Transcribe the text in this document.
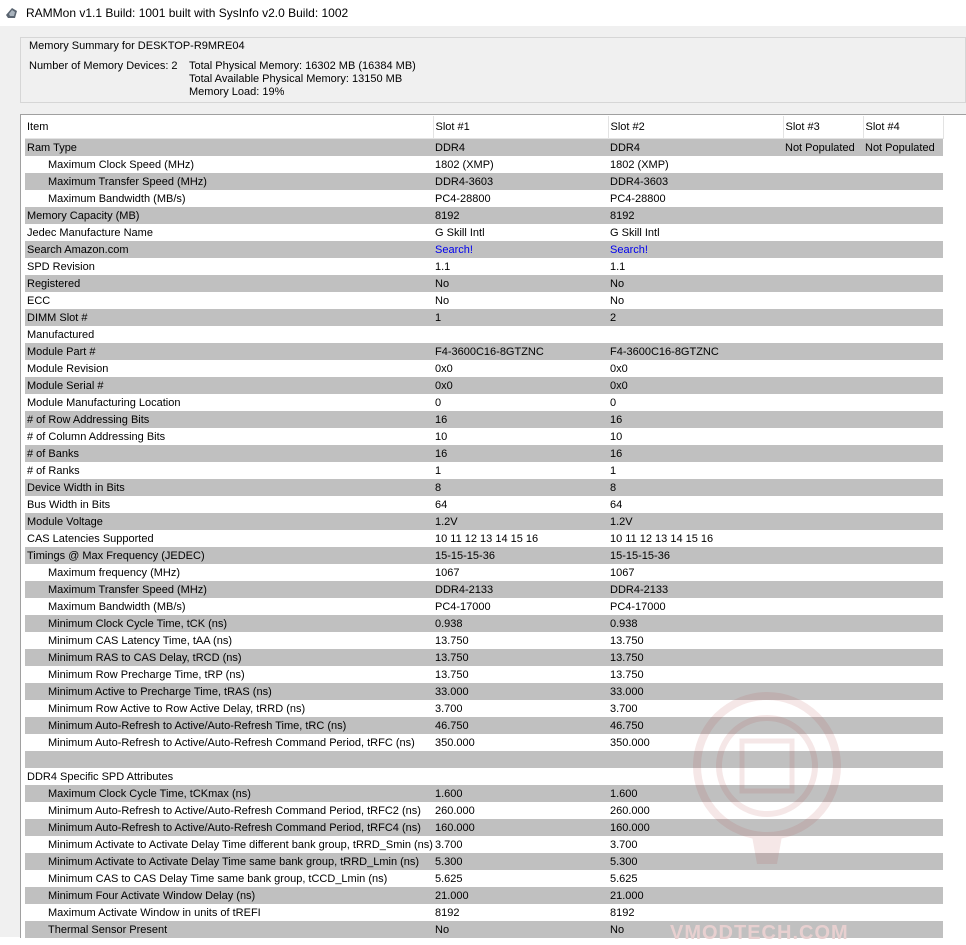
RAMMon v1.1 Build: 1001 built with SysInfo v2.0 Build: 1002
Memory Summary for DESKTOP-R9MRE04
Number of Memory Devices: 2 Total Physical Memory: 16302 MB (16384 MB)
Total Available Physical Memory: 13150 MB
Memory Load: 19%
Item	Slot #1	Slot #2	Slot #3	Slot #4
Ram Type	DDR4	DDR4	Not Populated	Not Populated
Maximum Clock Speed (MHz)	1802 (XMP)	1802 (XMP)		
Maximum Transfer Speed (MHz)	DDR4-3603	DDR4-3603		
Maximum Bandwidth (MB/s)	PC4-28800	PC4-28800		
Memory Capacity (MB)	8192	8192		
Jedec Manufacture Name	G Skill Intl	G Skill Intl		
Search Amazon.com	Search!	Search!		
SPD Revision	1.1	1.1		
Registered	No	No		
ECC	No	No		
DIMM Slot #	1	2		
Manufactured				
Module Part #	F4-3600C16-8GTZNC	F4-3600C16-8GTZNC		
Module Revision	0x0	0x0		
Module Serial #	0x0	0x0		
Module Manufacturing Location	0	0		
# of Row Addressing Bits	16	16		
# of Column Addressing Bits	10	10		
# of Banks	16	16		
# of Ranks	1	1		
Device Width in Bits	8	8		
Bus Width in Bits	64	64		
Module Voltage	1.2V	1.2V		
CAS Latencies Supported	10 11 12 13 14 15 16	10 11 12 13 14 15 16		
Timings @ Max Frequency (JEDEC)	15-15-15-36	15-15-15-36		
Maximum frequency (MHz)	1067	1067		
Maximum Transfer Speed (MHz)	DDR4-2133	DDR4-2133		
Maximum Bandwidth (MB/s)	PC4-17000	PC4-17000		
Minimum Clock Cycle Time, tCK (ns)	0.938	0.938		
Minimum CAS Latency Time, tAA (ns)	13.750	13.750		
Minimum RAS to CAS Delay, tRCD (ns)	13.750	13.750		
Minimum Row Precharge Time, tRP (ns)	13.750	13.750		
Minimum Active to Precharge Time, tRAS (ns)	33.000	33.000		
Minimum Row Active to Row Active Delay, tRRD (ns)	3.700	3.700		
Minimum Auto-Refresh to Active/Auto-Refresh Time, tRC (ns)	46.750	46.750		
Minimum Auto-Refresh to Active/Auto-Refresh Command Period, tRFC (ns)	350.000	350.000		

DDR4 Specific SPD Attributes				
Maximum Clock Cycle Time, tCKmax (ns)	1.600	1.600		
Minimum Auto-Refresh to Active/Auto-Refresh Command Period, tRFC2 (ns)	260.000	260.000		
Minimum Auto-Refresh to Active/Auto-Refresh Command Period, tRFC4 (ns)	160.000	160.000		
Minimum Activate to Activate Delay Time different bank group, tRRD_Smin (ns)	3.700	3.700		
Minimum Activate to Activate Delay Time same bank group, tRRD_Lmin (ns)	5.300	5.300		
Minimum CAS to CAS Delay Time same bank group, tCCD_Lmin (ns)	5.625	5.625		
Minimum Four Activate Window Delay (ns)	21.000	21.000		
Maximum Activate Window in units of tREFI	8192	8192		
Thermal Sensor Present	No	No		VMODTECH.COM
